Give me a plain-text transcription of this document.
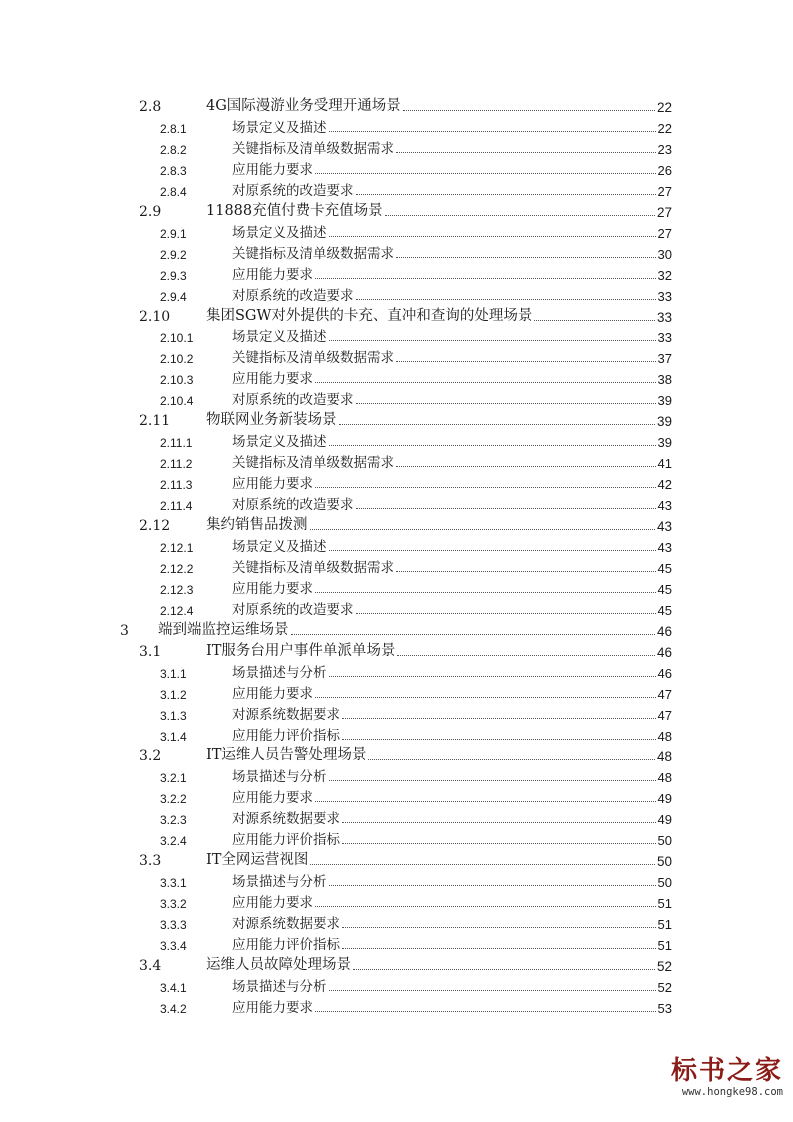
2.8	4G国际漫游业务受理开通场景	22
2.8.1	场景定义及描述	22
2.8.2	关键指标及清单级数据需求	23
2.8.3	应用能力要求	26
2.8.4	对原系统的改造要求	27
2.9	11888充值付费卡充值场景	27
2.9.1	场景定义及描述	27
2.9.2	关键指标及清单级数据需求	30
2.9.3	应用能力要求	32
2.9.4	对原系统的改造要求	33
2.10 集团SGW对外提供的卡充、直冲和查询的处理场景	33
2.10.1	场景定义及描述	33
2.10.2	关键指标及清单级数据需求	37
2.10.3	应用能力要求	38
2.10.4	对原系统的改造要求	39
2.11 物联网业务新装场景	39
2.11.1	场景定义及描述	39
2.11.2	关键指标及清单级数据需求	41
2.11.3	应用能力要求	42
2.11.4	对原系统的改造要求	43
2.12 集约销售品拨测	43
2.12.1	场景定义及描述	43
2.12.2	关键指标及清单级数据需求	45
2.12.3	应用能力要求	45
2.12.4	对原系统的改造要求	45
3 端到端监控运维场景	46
3.1	IT服务台用户事件单派单场景	46
3.1.1	场景描述与分析	46
3.1.2	应用能力要求	47
3.1.3	对源系统数据要求	47
3.1.4	应用能力评价指标	48
3.2	IT运维人员告警处理场景	48
3.2.1	场景描述与分析	48
3.2.2	应用能力要求	49
3.2.3	对源系统数据要求	49
3.2.4	应用能力评价指标	50
3.3	IT全网运营视图	50
3.3.1	场景描述与分析	50
3.3.2	应用能力要求	51
3.3.3	对源系统数据要求	51
3.3.4	应用能力评价指标	51
3.4	运维人员故障处理场景	52
3.4.1	场景描述与分析	52
3.4.2	应用能力要求	53
标书之家
www.hongke98.com
